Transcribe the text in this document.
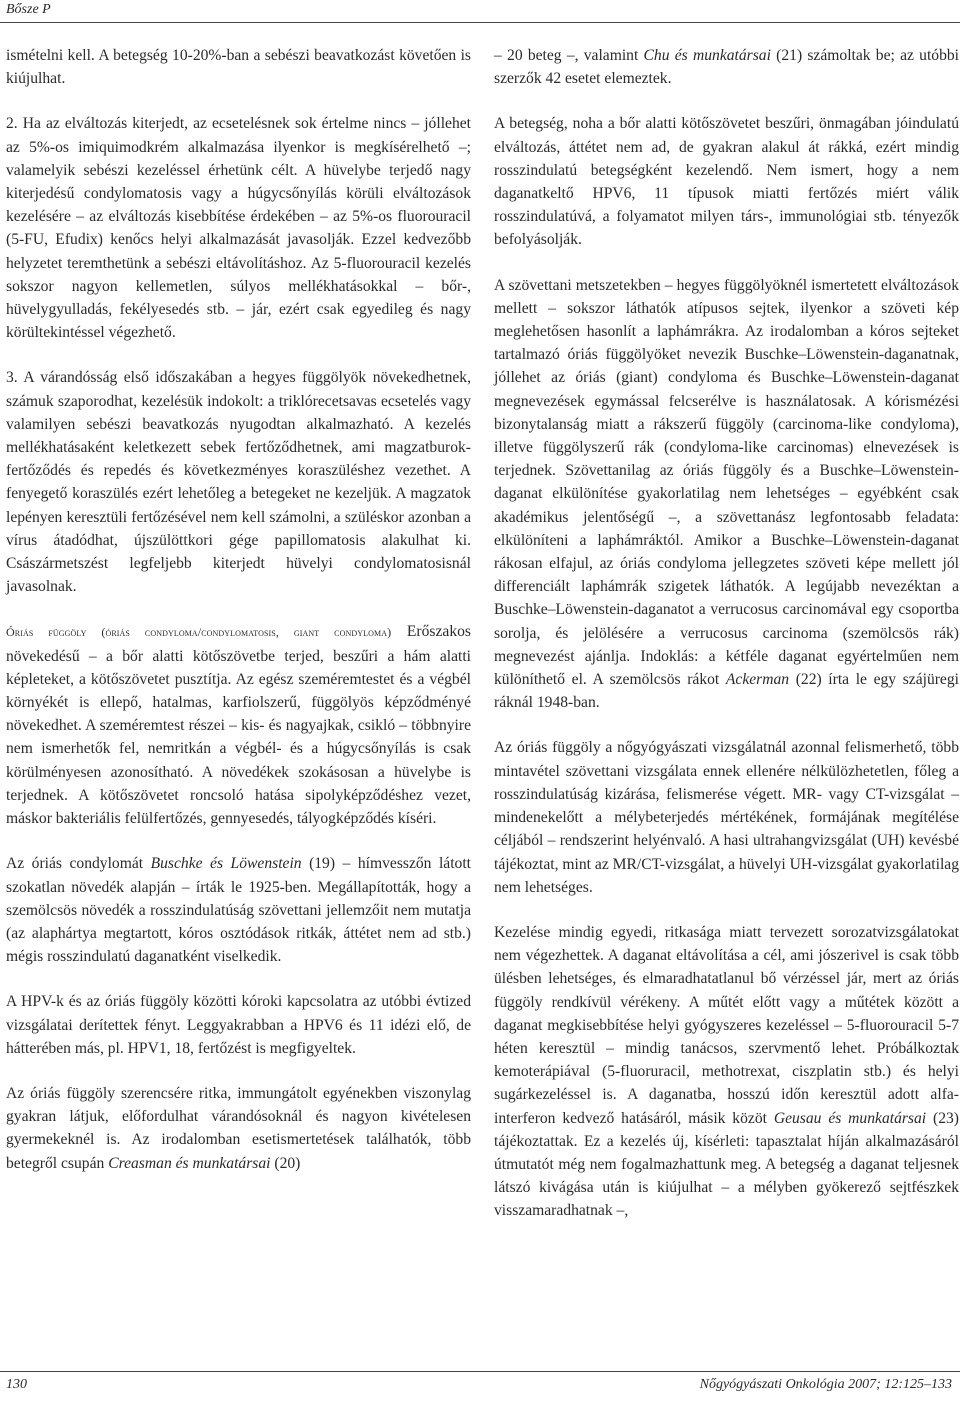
Bősze P

ismételni kell. A betegség 10-20%-ban a sebészi beavatkozást követően is kiújulhat.

2. Ha az elváltozás kiterjedt, az ecsetelésnek sok értelme nincs – jóllehet az 5%-os imiquimodkrém alkalmazása ilyenkor is megkísérelhető –; valamelyik sebészi kezeléssel érhetünk célt. A hüvelybe terjedő nagy kiterjedésű condylomatosis vagy a húgycsőnyílás körüli elváltozások kezelésére – az elváltozás kisebbítése érdekében – az 5%-os fluorouracil (5-FU, Efudix) kenőcs helyi alkalmazását javasolják. Ezzel kedvezőbb helyzetet teremthetünk a sebészi eltávolításhoz. Az 5-fluorouracil kezelés sokszor nagyon kellemetlen, súlyos mellékhatásokkal – bőr-, hüvelygyulladás, fekélyesedés stb. – jár, ezért csak egyedileg és nagy körültekintéssel végezhető.

3. A várandósság első időszakában a hegyes függölyök növekedhetnek, számuk szaporodhat, kezelésük indokolt: a triklórecetsavas ecsetelés vagy valamilyen sebészi beavatkozás nyugodtan alkalmazható. A kezelés mellékhatásaként keletkezett sebek fertőződhetnek, ami magzatburok-fertőződés és repedés és következményes koraszüléshez vezethet. A fenyegető koraszülés ezért lehetőleg a betegeket ne kezeljük. A magzatok lepényen keresztüli fertőzésével nem kell számolni, a szüléskor azonban a vírus átadódhat, újszülöttkori gége papillomatosis alakulhat ki. Császármetszést legfeljebb kiterjedt hüvelyi condylomatosisnál javasolnak.

Óriás függöly (óriás condyloma/condylomatosis, giant condyloma) Erőszakos növekedésű – a bőr alatti kötőszövetbe terjed, beszűri a hám alatti képleteket, a kötőszövetet pusztítja. Az egész szeméremtestet és a végbél környékét is ellepő, hatalmas, karfiolszerű, függölyös képződményé növekedhet. A szeméremtest részei – kis- és nagyajkak, csikló – többnyire nem ismerhetők fel, nemritkán a végbél- és a húgycsőnyílás is csak körülményesen azonosítható. A növedékek szokásosan a hüvelybe is terjednek. A kötőszövetet roncsoló hatása sipolyképződéshez vezet, máskor bakteriális felülfertőzés, gennyesedés, tályogképződés kíséri.

Az óriás condylomát Buschke és Löwenstein (19) – hímvesszőn látott szokatlan növedék alapján – írták le 1925-ben. Megállapították, hogy a szemölcsös növedék a rosszindulatúság szövettani jellemzőit nem mutatja (az alaphártya megtartott, kóros osztódások ritkák, áttétet nem ad stb.) mégis rosszindulatú daganatként viselkedik.

A HPV-k és az óriás függöly közötti kóroki kapcsolatra az utóbbi évtized vizsgálatai derítettek fényt. Leggyakrabban a HPV6 és 11 idézi elő, de hátterében más, pl. HPV1, 18, fertőzést is megfigyeltek.

Az óriás függöly szerencsére ritka, immungátolt egyénekben viszonylag gyakran látjuk, előfordulhat várandósoknál és nagyon kivételesen gyermekeknél is. Az irodalomban esetismertetések találhatók, több betegről csupán Creasman és munkatársai (20)

– 20 beteg –, valamint Chu és munkatársai (21) számoltak be; az utóbbi szerzők 42 esetet elemeztek.

A betegség, noha a bőr alatti kötőszövetet beszűri, önmagában jóindulatú elváltozás, áttétet nem ad, de gyakran alakul át rákká, ezért mindig rosszindulatú betegségként kezelendő. Nem ismert, hogy a nem daganatkeltő HPV6, 11 típusok miatti fertőzés miért válik rosszindulatúvá, a folyamatot milyen társ-, immunológiai stb. tényezők befolyásolják.

A szövettani metszetekben – hegyes függölyöknél ismertetett elváltozások mellett – sokszor láthatók atípusos sejtek, ilyenkor a szöveti kép meglehetősen hasonlít a laphámrákra. Az irodalomban a kóros sejteket tartalmazó óriás függölyöket nevezik Buschke–Löwenstein-daganatnak, jóllehet az óriás (giant) condyloma és Buschke–Löwenstein-daganat megnevezések egymással felcserélve is használatosak. A kórismézési bizonytalanság miatt a rákszerű függöly (carcinoma-like condyloma), illetve függölyszerű rák (condyloma-like carcinomas) elnevezések is terjednek. Szövettanilag az óriás függöly és a Buschke–Löwenstein-daganat elkülönítése gyakorlatilag nem lehetséges – egyébként csak akadémikus jelentőségű –, a szövettanász legfontosabb feladata: elkülöníteni a laphámráktól. Amikor a Buschke–Löwenstein-daganat rákosan elfajul, az óriás condyloma jellegzetes szöveti képe mellett jól differenciált laphámrák szigetek láthatók. A legújabb nevezéktan a Buschke–Löwenstein-daganatot a verrucosus carcinomával egy csoportba sorolja, és jelölésére a verrucosus carcinoma (szemölcsös rák) megnevezést ajánlja. Indoklás: a kétféle daganat egyértelműen nem különíthető el. A szemölcsös rákot Ackerman (22) írta le egy szájüregi ráknál 1948-ban.

Az óriás függöly a nőgyógyászati vizsgálatnál azonnal felismerhető, több mintavétel szövettani vizsgálata ennek ellenére nélkülözhetetlen, főleg a rosszindulatúság kizárása, felismerése végett. MR- vagy CT-vizsgálat – mindenekelőtt a mélybeterjedés mértékének, formájának megítélése céljából – rendszerint helyénvaló. A hasi ultrahangvizsgálat (UH) kevésbé tájékoztat, mint az MR/CT-vizsgálat, a hüvelyi UH-vizsgálat gyakorlatilag nem lehetséges.

Kezelése mindig egyedi, ritkasága miatt tervezett sorozatvizsgálatokat nem végezhettek. A daganat eltávolítása a cél, ami jószerivel is csak több ülésben lehetséges, és elmaradhatatlanul bő vérzéssel jár, mert az óriás függöly rendkívül vérékeny. A műtét előtt vagy a műtétek között a daganat megkisebbítése helyi gyógyszeres kezeléssel – 5-fluorouracil 5-7 héten keresztül – mindig tanácsos, szervmentő lehet. Próbálkoztak kemoterápiával (5-fluoruracil, methotrexat, ciszplatin stb.) és helyi sugárkezeléssel is. A daganatba, hosszú időn keresztül adott alfa-interferon kedvező hatásáról, másik közöt Geusau és munkatársai (23) tájékoztattak. Ez a kezelés új, kísérleti: tapasztalat híján alkalmazásáról útmutatót még nem fogalmazhattunk meg. A betegség a daganat teljesnek látszó kivágása után is kiújulhat – a mélyben gyökerező sejtfészkek visszamaradhatnak –,

130	Nőgyógyászati Onkológia 2007; 12:125–133
